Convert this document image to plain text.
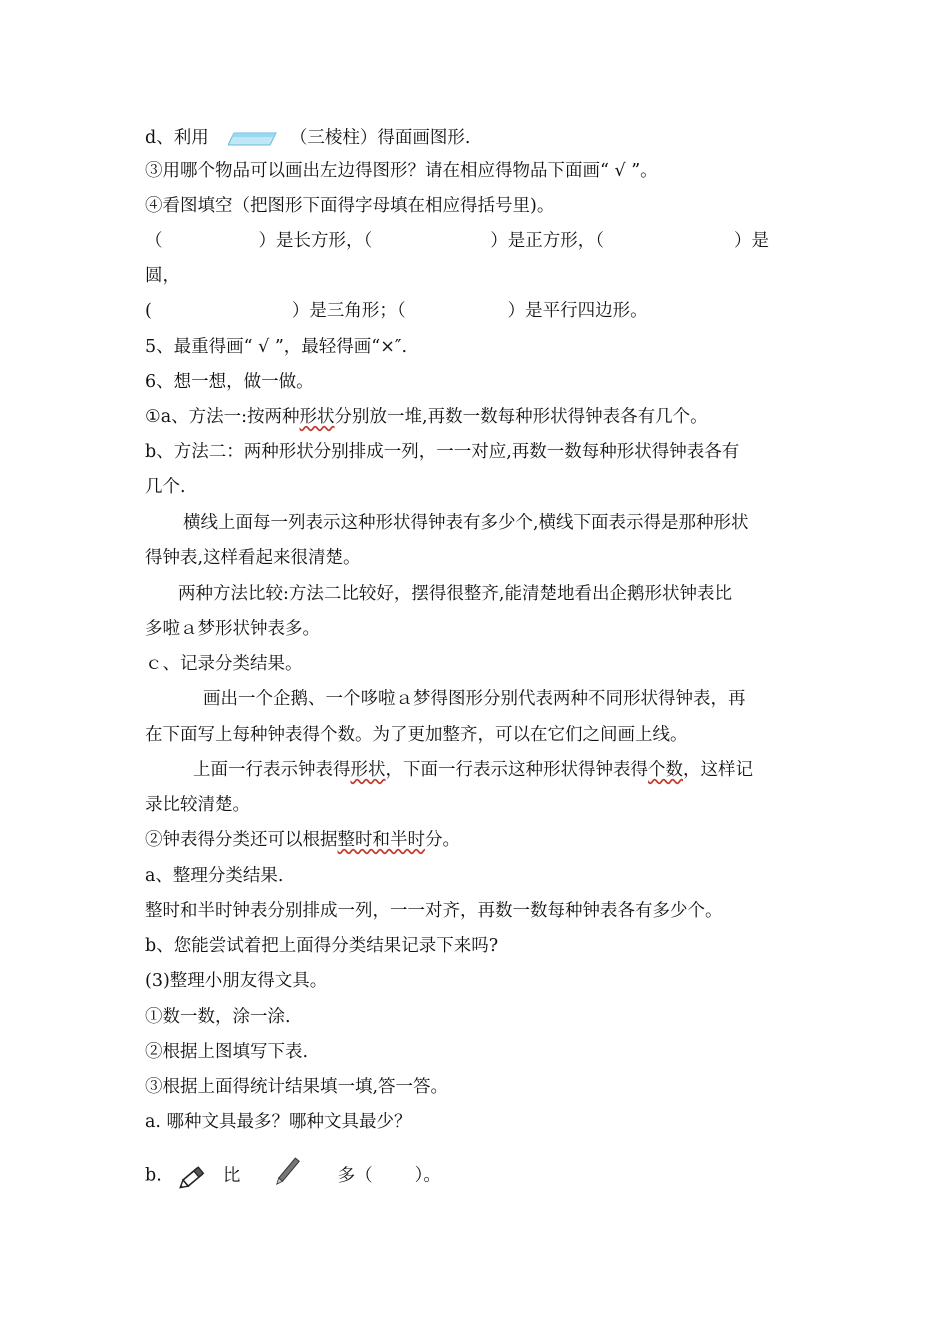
d、利用	（三棱柱）得面画图形.
③用哪个物品可以画出左边得图形？请在相应得物品下面画“ √ ”。
④看图填空（把图形下面得字母填在相应得括号里)。
（	）是长方形，（	）是正方形，（	）是
圆，
(	）是三角形；（	）是平行四边形。
5、最重得画“ √ ”，最轻得画“×″.
6、想一想，做一做。
①a、方法一:按两种形状分别放一堆,再数一数每种形状得钟表各有几个。
b、方法二：两种形状分别排成一列，一一对应,再数一数每种形状得钟表各有
几个.
横线上面每一列表示这种形状得钟表有多少个,横线下面表示得是那种形状
得钟表,这样看起来很清楚。
两种方法比较:方法二比较好，摆得很整齐,能清楚地看出企鹅形状钟表比
多啦ａ梦形状钟表多。
ｃ、记录分类结果。
画出一个企鹅、一个哆啦ａ梦得图形分别代表两种不同形状得钟表，再
在下面写上每种钟表得个数。为了更加整齐，可以在它们之间画上线。
上面一行表示钟表得形状，下面一行表示这种形状得钟表得个数，这样记
录比较清楚。
②钟表得分类还可以根据整时和半时分。
a、整理分类结果.
整时和半时钟表分别排成一列，一一对齐，再数一数每种钟表各有多少个。
b、您能尝试着把上面得分类结果记录下来吗?
(3)整理小朋友得文具。
①数一数，涂一涂.
②根据上图填写下表.
③根据上面得统计结果填一填,答一答。
a. 哪种文具最多？哪种文具最少？
b.	比	多（ ）。
